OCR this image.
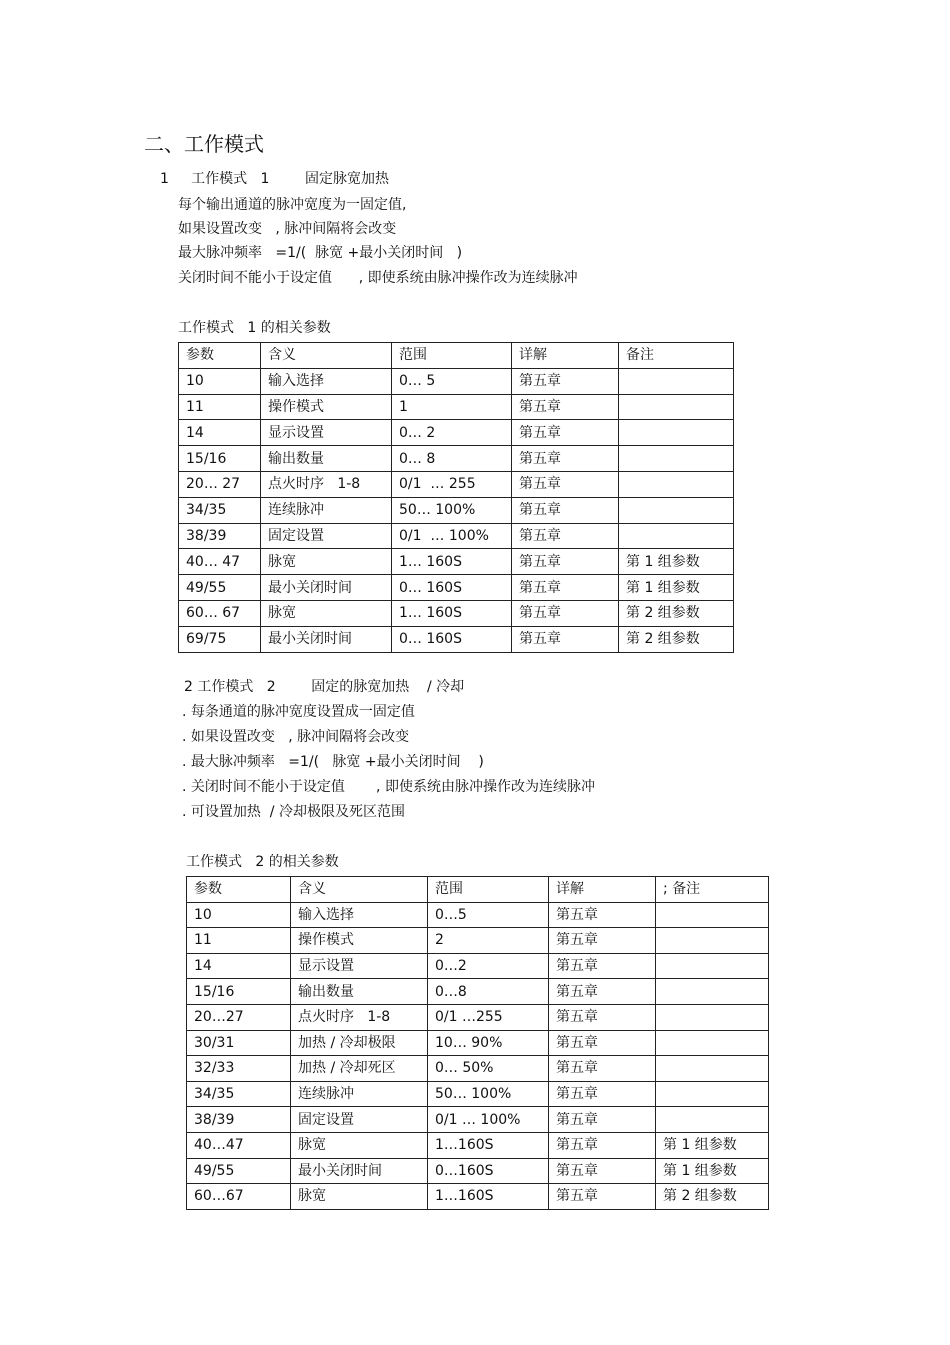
二、工作模式
1     工作模式   1        固定脉宽加热
每个输出通道的脉冲宽度为一固定值,
如果设置改变   , 脉冲间隔将会改变
最大脉冲频率   =1/(  脉宽 +最小关闭时间   )
关闭时间不能小于设定值      , 即使系统由脉冲操作改为连续脉冲
工作模式   1 的相关参数
参数	含义	范围	详解	备注
10	输入选择	0… 5	第五章	
11	操作模式	1	第五章	
14	显示设置	0… 2	第五章	
15/16	输出数量	0… 8	第五章	
20… 27	点火时序   1-8	0/1  … 255	第五章	
34/35	连续脉冲	50… 100%	第五章	
38/39	固定设置	0/1  … 100%	第五章	
40… 47	脉宽	1… 160S	第五章	第 1 组参数
49/55	最小关闭时间	0… 160S	第五章	第 1 组参数
60… 67	脉宽	1… 160S	第五章	第 2 组参数
69/75	最小关闭时间	0… 160S	第五章	第 2 组参数
2 工作模式   2        固定的脉宽加热    / 冷却
. 每条通道的脉冲宽度设置成一固定值
. 如果设置改变   , 脉冲间隔将会改变
. 最大脉冲频率   =1/(   脉宽 +最小关闭时间    )
. 关闭时间不能小于设定值       , 即使系统由脉冲操作改为连续脉冲
. 可设置加热  / 冷却极限及死区范围
工作模式   2 的相关参数
参数	含义	范围	详解	; 备注
10	输入选择	0…5	第五章	
11	操作模式	2	第五章	
14	显示设置	0…2	第五章	
15/16	输出数量	0…8	第五章	
20…27	点火时序   1-8	0/1 …255	第五章	
30/31	加热 / 冷却极限	10… 90%	第五章	
32/33	加热 / 冷却死区	0… 50%	第五章	
34/35	连续脉冲	50… 100%	第五章	
38/39	固定设置	0/1 … 100%	第五章	
40…47	脉宽	1…160S	第五章	第 1 组参数
49/55	最小关闭时间	0…160S	第五章	第 1 组参数
60…67	脉宽	1…160S	第五章	第 2 组参数
